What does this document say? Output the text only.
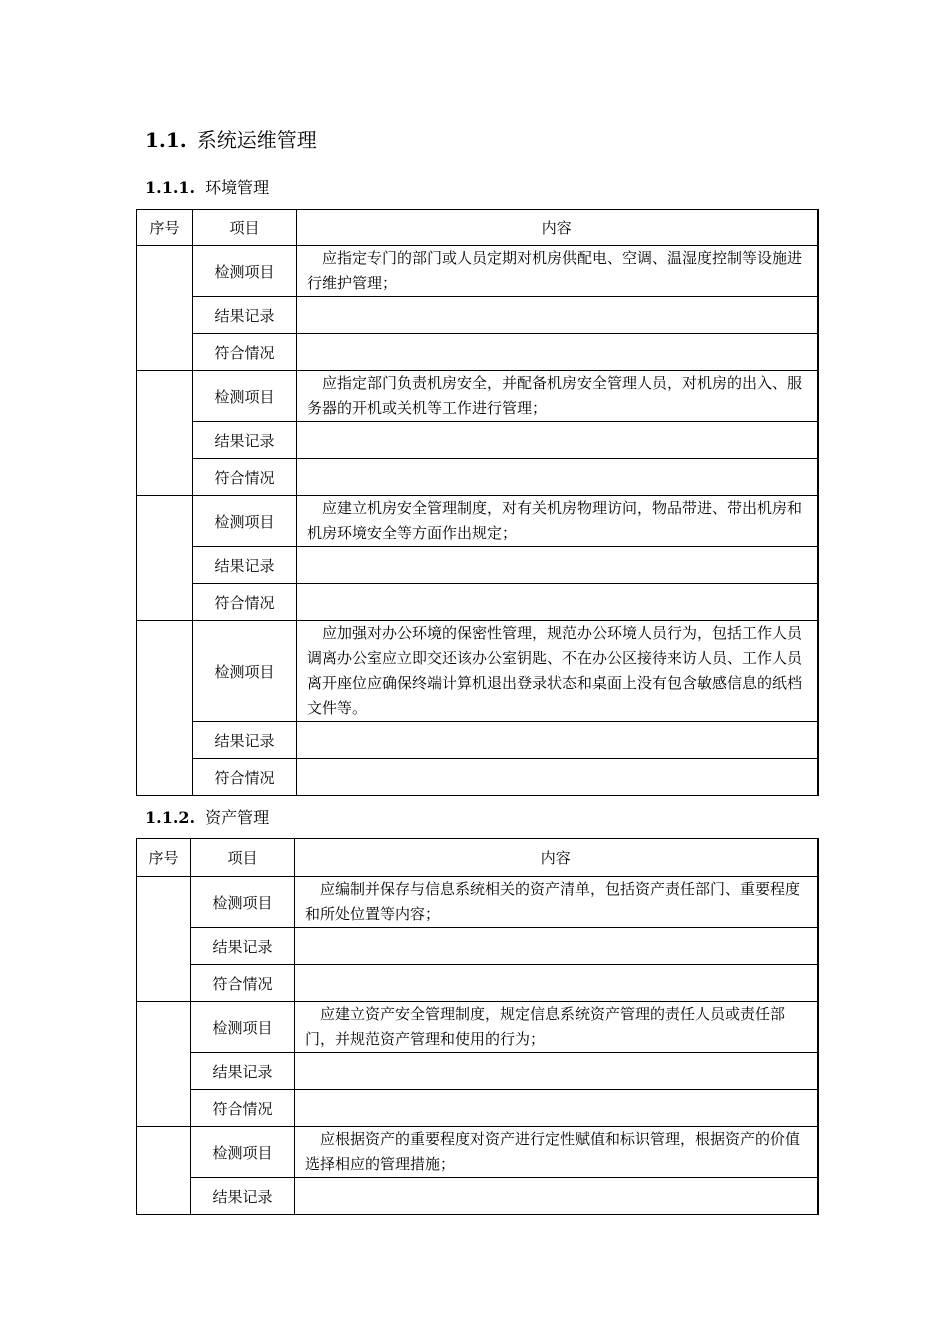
1.1. 系统运维管理
1.1.1. 环境管理
序号	项目	内容
	检测项目	应指定专门的部门或人员定期对机房供配电、空调、温湿度控制等设施进行维护管理；
	结果记录	
	符合情况	
	检测项目	应指定部门负责机房安全，并配备机房安全管理人员，对机房的出入、服务器的开机或关机等工作进行管理；
	结果记录	
	符合情况	
	检测项目	应建立机房安全管理制度，对有关机房物理访问，物品带进、带出机房和机房环境安全等方面作出规定；
	结果记录	
	符合情况	
	检测项目	应加强对办公环境的保密性管理，规范办公环境人员行为，包括工作人员调离办公室应立即交还该办公室钥匙、不在办公区接待来访人员、工作人员离开座位应确保终端计算机退出登录状态和桌面上没有包含敏感信息的纸档文件等。
	结果记录	
	符合情况	
1.1.2. 资产管理
序号	项目	内容
	检测项目	应编制并保存与信息系统相关的资产清单，包括资产责任部门、重要程度和所处位置等内容；
	结果记录	
	符合情况	
	检测项目	应建立资产安全管理制度，规定信息系统资产管理的责任人员或责任部门，并规范资产管理和使用的行为；
	结果记录	
	符合情况	
	检测项目	应根据资产的重要程度对资产进行定性赋值和标识管理，根据资产的价值选择相应的管理措施；
	结果记录	
